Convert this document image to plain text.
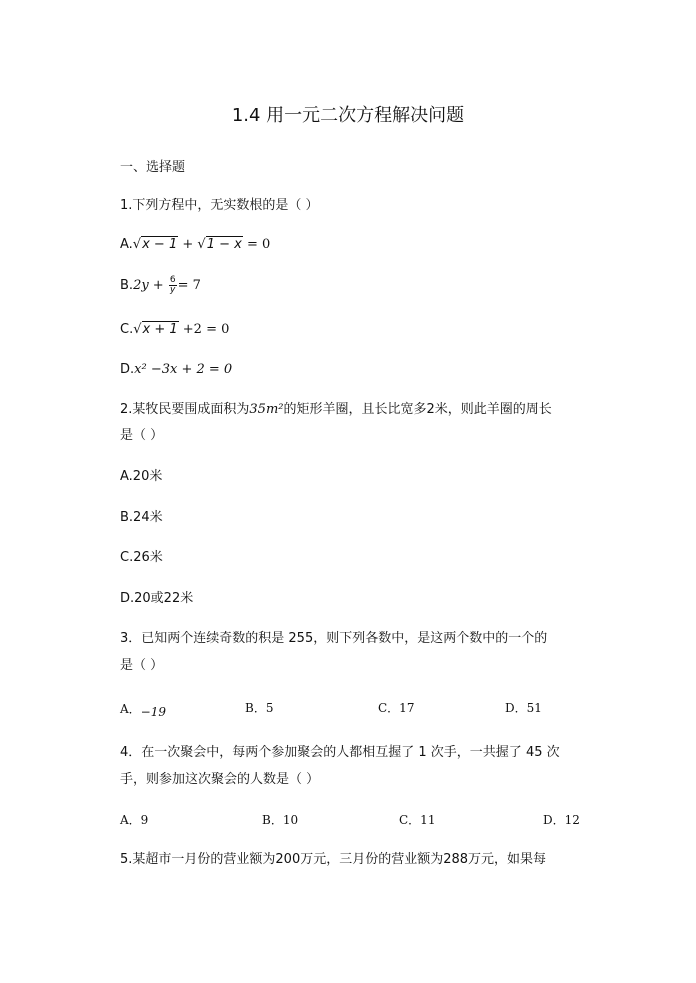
1.4 用一元二次方程解决问题
一、选择题
1.下列方程中，无实数根的是（ ）
A.√x − 1 + √1 − x = 0
$B.2y + \frac{6}{y} = 7$
C.√x + 1 +2 = 0
D.x² −3x + 2 = 0
2.某牧民要围成面积为35m²的矩形羊圈，且长比宽多2米，则此羊圈的周长
是（ ）
A.20米
B.24米
C.26米
D.20或22米
3．已知两个连续奇数的积是 255，则下列各数中，是这两个数中的一个的
是（ ）
A．−19	B．5	C．17	D．51
4．在一次聚会中，每两个参加聚会的人都相互握了 1 次手，一共握了 45 次
手，则参加这次聚会的人数是（ ）
A．9	B．10	C．11	D．12
5.某超市一月份的营业额为200万元，三月份的营业额为288万元，如果每
